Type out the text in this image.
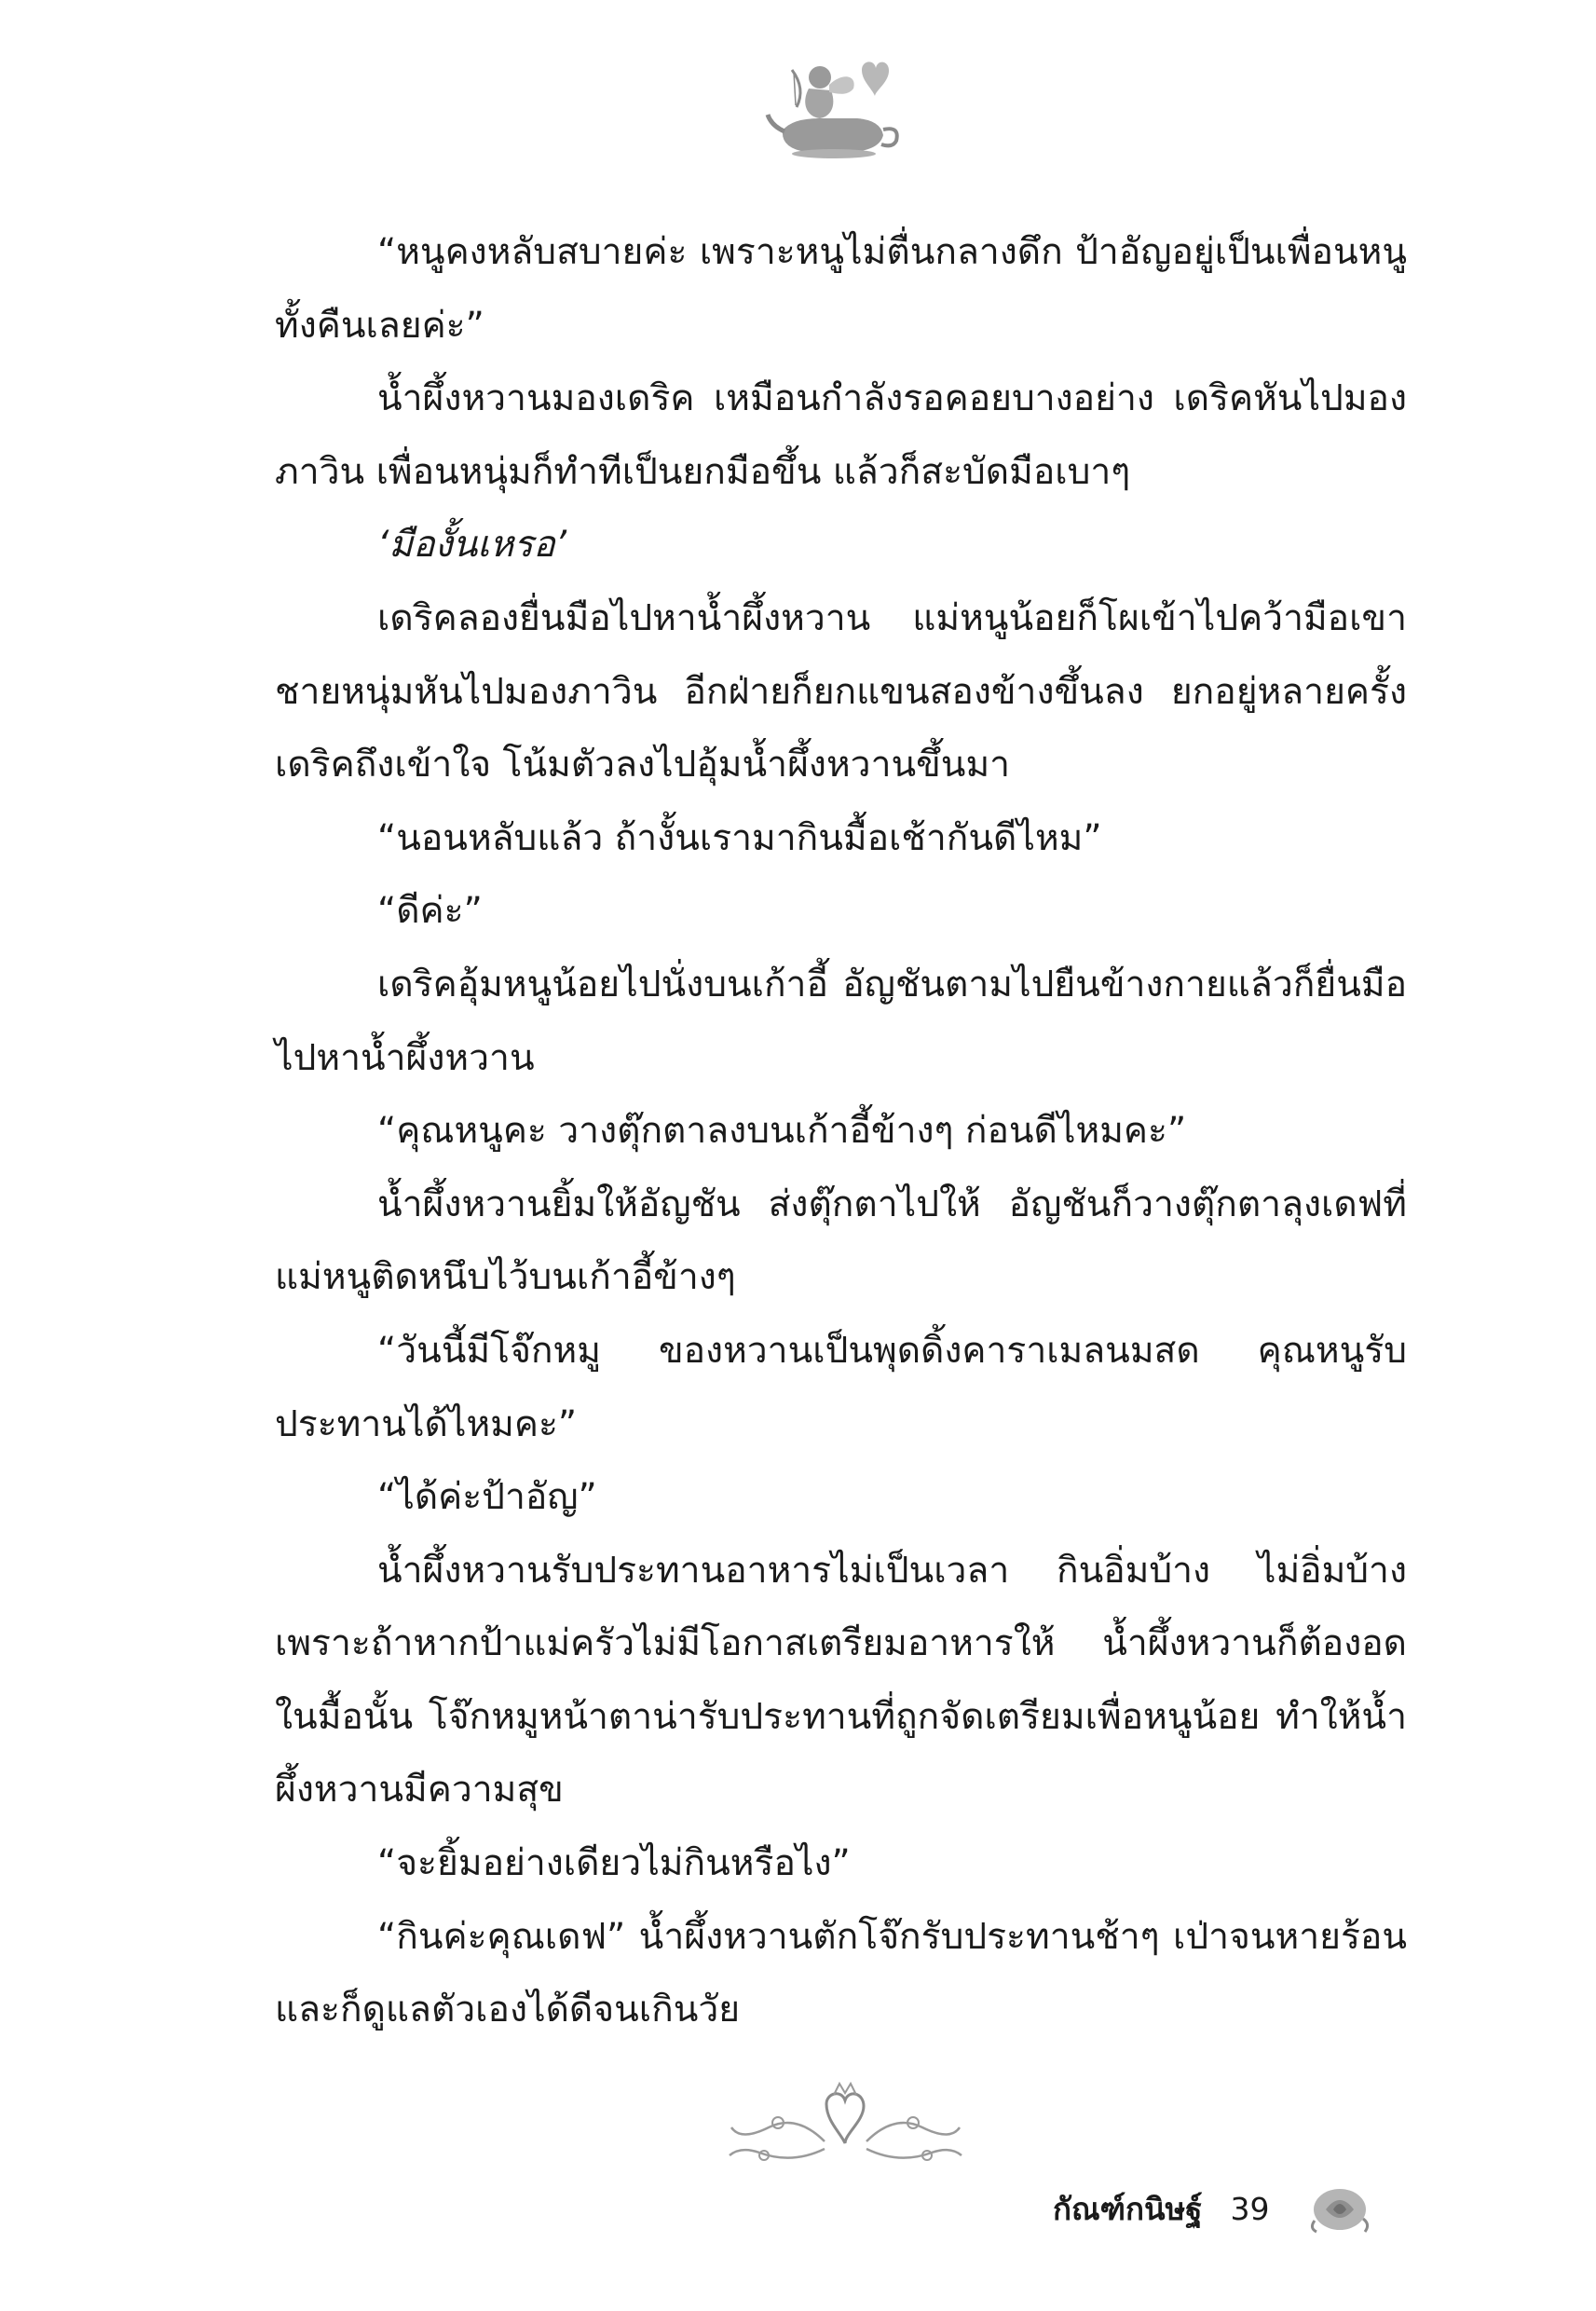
“หนูคงหลับสบายค่ะ เพราะหนูไม่ตื่นกลางดึก ป้าอัญอยู่เป็นเพื่อนหนูทั้งคืนเลยค่ะ”

น้ำผึ้งหวานมองเดริค เหมือนกำลังรอคอยบางอย่าง เดริคหันไปมองภาวิน เพื่อนหนุ่มก็ทำทีเป็นยกมือขึ้น แล้วก็สะบัดมือเบาๆ

‘มืองั้นเหรอ’

เดริคลองยื่นมือไปหาน้ำผึ้งหวาน แม่หนูน้อยก็โผเข้าไปคว้ามือเขา ชายหนุ่มหันไปมองภาวิน อีกฝ่ายก็ยกแขนสองข้างขึ้นลง ยกอยู่หลายครั้ง เดริคถึงเข้าใจ โน้มตัวลงไปอุ้มน้ำผึ้งหวานขึ้นมา

“นอนหลับแล้ว ถ้างั้นเรามากินมื้อเช้ากันดีไหม”

“ดีค่ะ”

เดริคอุ้มหนูน้อยไปนั่งบนเก้าอี้ อัญชันตามไปยืนข้างกายแล้วก็ยื่นมือไปหาน้ำผึ้งหวาน

“คุณหนูคะ วางตุ๊กตาลงบนเก้าอี้ข้างๆ ก่อนดีไหมคะ”

น้ำผึ้งหวานยิ้มให้อัญชัน ส่งตุ๊กตาไปให้ อัญชันก็วางตุ๊กตาลุงเดฟที่แม่หนูติดหนึบไว้บนเก้าอี้ข้างๆ

“วันนี้มีโจ๊กหมู ของหวานเป็นพุดดิ้งคาราเมลนมสด คุณหนูรับประทานได้ไหมคะ”

“ได้ค่ะป้าอัญ”

น้ำผึ้งหวานรับประทานอาหารไม่เป็นเวลา กินอิ่มบ้าง ไม่อิ่มบ้าง เพราะถ้าหากป้าแม่ครัวไม่มีโอกาสเตรียมอาหารให้ น้ำผึ้งหวานก็ต้องอดในมื้อนั้น โจ๊กหมูหน้าตาน่ารับประทานที่ถูกจัดเตรียมเพื่อหนูน้อย ทำให้น้ำผึ้งหวานมีความสุข

“จะยิ้มอย่างเดียวไม่กินหรือไง”

“กินค่ะคุณเดฟ” น้ำผึ้งหวานตักโจ๊กรับประทานช้าๆ เป่าจนหายร้อน และก็ดูแลตัวเองได้ดีจนเกินวัย

กัณฑ์กนิษฐ์ 39
